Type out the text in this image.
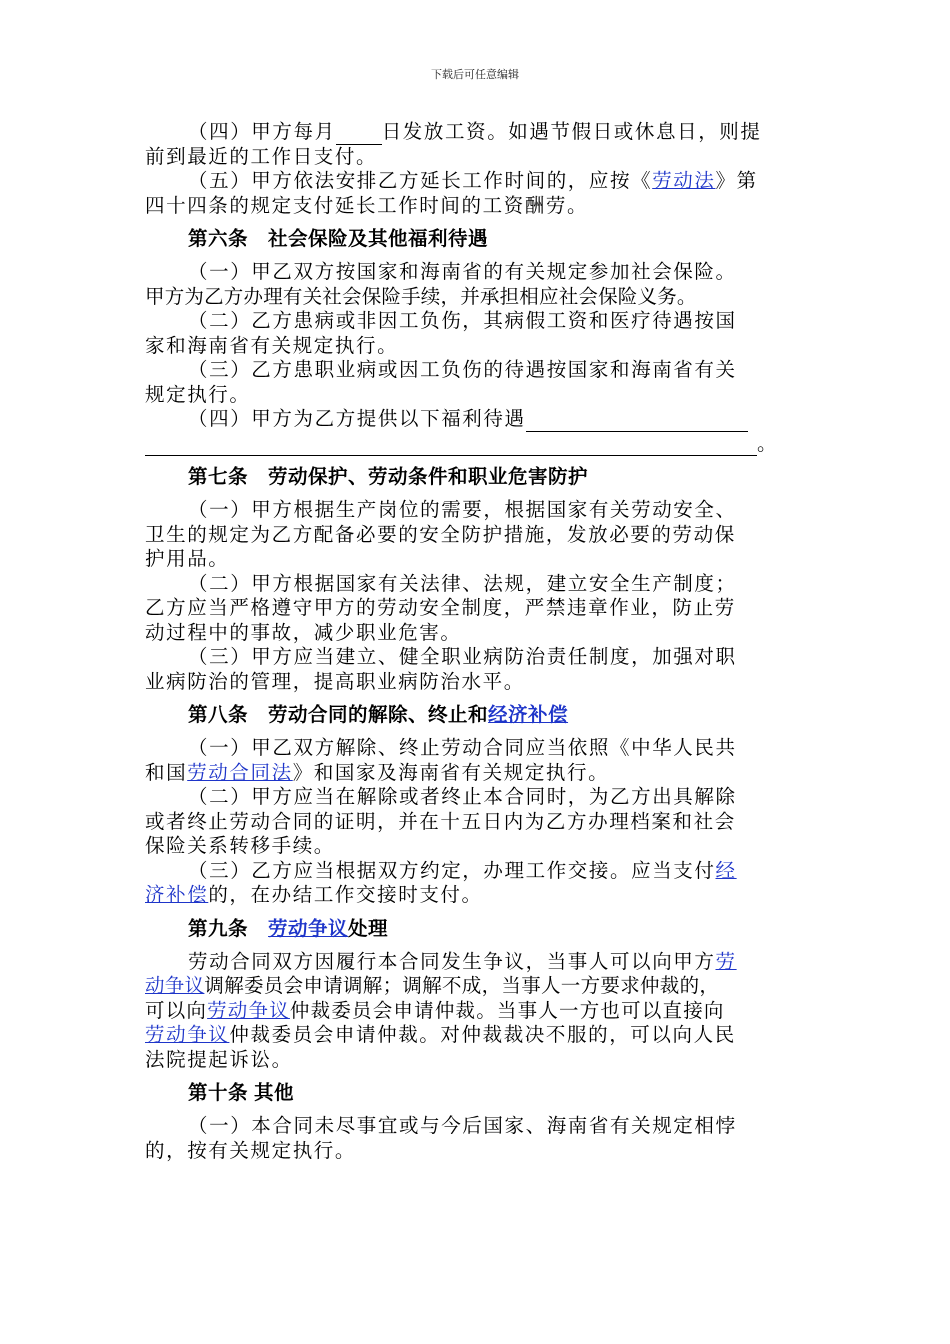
下载后可任意编辑
（四）甲方每月 日发放工资。如遇节假日或休息日，则提
前到最近的工作日支付。
（五）甲方依法安排乙方延长工作时间的，应按《劳动法》第
四十四条的规定支付延长工作时间的工资酬劳。
第六条 社会保险及其他福利待遇
（一）甲乙双方按国家和海南省的有关规定参加社会保险。
甲方为乙方办理有关社会保险手续，并承担相应社会保险义务。
（二）乙方患病或非因工负伤，其病假工资和医疗待遇按国
家和海南省有关规定执行。
（三）乙方患职业病或因工负伤的待遇按国家和海南省有关
规定执行。
（四）甲方为乙方提供以下福利待遇
。
第七条 劳动保护、劳动条件和职业危害防护
（一）甲方根据生产岗位的需要，根据国家有关劳动安全、
卫生的规定为乙方配备必要的安全防护措施，发放必要的劳动保
护用品。
（二）甲方根据国家有关法律、法规，建立安全生产制度；
乙方应当严格遵守甲方的劳动安全制度，严禁违章作业，防止劳
动过程中的事故，减少职业危害。
（三）甲方应当建立、健全职业病防治责任制度，加强对职
业病防治的管理，提高职业病防治水平。
第八条 劳动合同的解除、终止和经济补偿
（一）甲乙双方解除、终止劳动合同应当依照《中华人民共
和国劳动合同法》和国家及海南省有关规定执行。
（二）甲方应当在解除或者终止本合同时，为乙方出具解除
或者终止劳动合同的证明，并在十五日内为乙方办理档案和社会
保险关系转移手续。
（三）乙方应当根据双方约定，办理工作交接。应当支付经
济补偿的，在办结工作交接时支付。
第九条 劳动争议处理
劳动合同双方因履行本合同发生争议，当事人可以向甲方劳
动争议调解委员会申请调解；调解不成，当事人一方要求仲裁的，
可以向劳动争议仲裁委员会申请仲裁。当事人一方也可以直接向
劳动争议仲裁委员会申请仲裁。对仲裁裁决不服的，可以向人民
法院提起诉讼。
第十条 其他
（一）本合同未尽事宜或与今后国家、海南省有关规定相悖
的，按有关规定执行。
